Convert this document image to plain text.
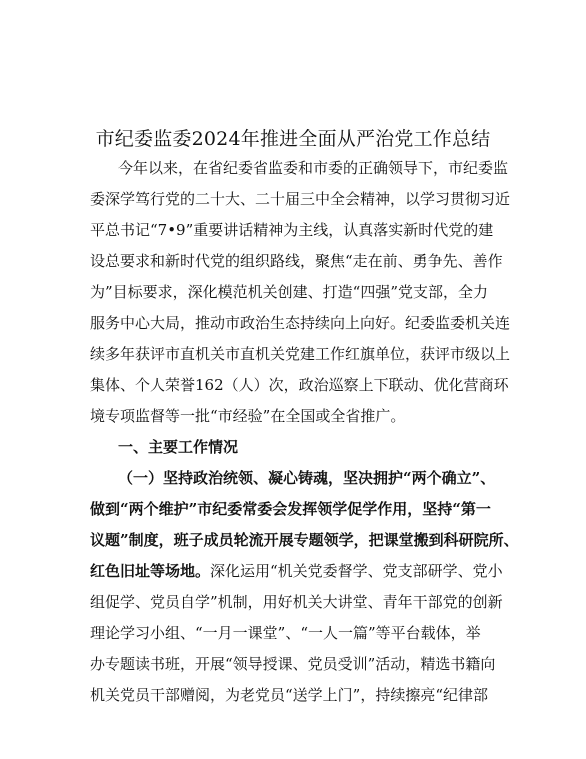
市纪委监委2024年推进全面从严治党工作总结
今年以来，在省纪委省监委和市委的正确领导下，市纪委监
委深学笃行党的二十大、二十届三中全会精神，以学习贯彻习近
平总书记“7•9”重要讲话精神为主线，认真落实新时代党的建
设总要求和新时代党的组织路线，聚焦“走在前、勇争先、善作
为”目标要求，深化模范机关创建、打造“四强”党支部，全力
服务中心大局，推动市政治生态持续向上向好。纪委监委机关连
续多年获评市直机关市直机关党建工作红旗单位，获评市级以上
集体、个人荣誉162（人）次，政治巡察上下联动、优化营商环
境专项监督等一批“市经验”在全国或全省推广。
一、主要工作情况
（一）坚持政治统领、凝心铸魂，坚决拥护“两个确立”、
做到“两个维护”市纪委常委会发挥领学促学作用，坚持“第一
议题”制度，班子成员轮流开展专题领学，把课堂搬到科研院所、
红色旧址等场地。深化运用“机关党委督学、党支部研学、党小
组促学、党员自学”机制，用好机关大讲堂、青年干部党的创新
理论学习小组、“一月一课堂”、“一人一篇”等平台载体，举
办专题读书班，开展“领导授课、党员受训”活动，精选书籍向
机关党员干部赠阅，为老党员“送学上门”，持续擦亮“纪律部
